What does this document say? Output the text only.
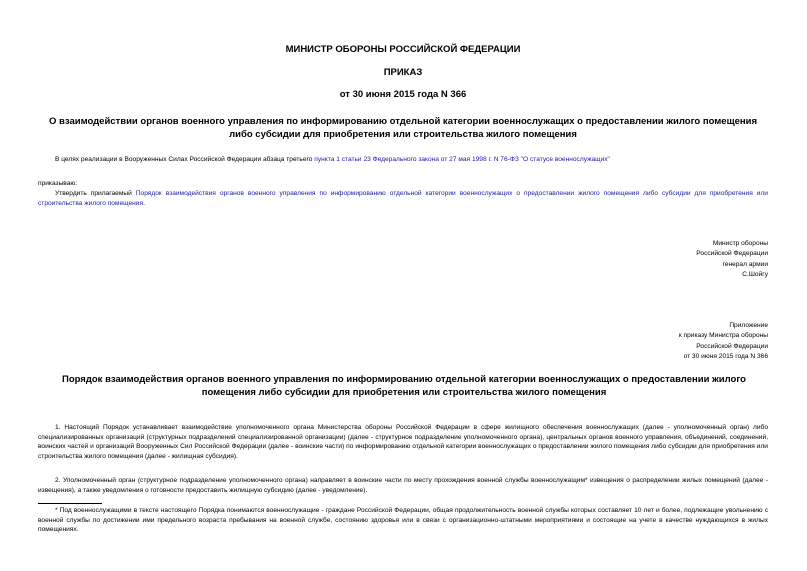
МИНИСТР ОБОРОНЫ РОССИЙСКОЙ ФЕДЕРАЦИИ

ПРИКАЗ

от 30 июня 2015 года N 366

О взаимодействии органов военного управления по информированию отдельной категории военнослужащих о предоставлении жилого помещения либо субсидии для приобретения или строительства жилого помещения

В целях реализации в Вооруженных Силах Российской Федерации абзаца третьего пункта 1 статьи 23 Федерального закона от 27 мая 1998 г. N 76-ФЗ "О статусе военнослужащих"

приказываю:

Утвердить прилагаемый Порядок взаимодействия органов военного управления по информированию отдельной категории военнослужащих о предоставлении жилого помещения либо субсидии для приобретения или строительства жилого помещения.

Министр обороны
Российской Федерации
генерал армии
С.Шойгу
Приложение
к приказу Министра обороны
Российской Федерации
от 30 июня 2015 года N 366

Порядок взаимодействия органов военного управления по информированию отдельной категории военнослужащих о предоставлении жилого помещения либо субсидии для приобретения или строительства жилого помещения

1. Настоящий Порядок устанавливает взаимодействие уполномоченного органа Министерства обороны Российской Федерации в сфере жилищного обеспечения военнослужащих (далее - уполномоченный орган) либо специализированных организаций (структурных подразделений специализированной организации) (далее - структурное подразделение уполномоченного органа), центральных органов военного управления, объединений, соединений, воинских частей и организаций Вооруженных Сил Российской Федерации (далее - воинские части) по информированию отдельной категории военнослужащих о предоставлении жилого помещения либо субсидии для приобретения или строительства жилого помещения (далее - жилищная субсидия).

2. Уполномоченный орган (структурное подразделение уполномоченного органа) направляет в воинские части по месту прохождения военной службы военнослужащим* извещения о распределении жилых помещений (далее - извещения), а также уведомления о готовности предоставить жилищную субсидию (далее - уведомление).

* Под военнослужащими в тексте настоящего Порядка понимаются военнослужащие - граждане Российской Федерации, общая продолжительность военной службы которых составляет 10 лет и более, подлежащие увольнению с военной службы по достижении ими предельного возраста пребывания на военной службе, состоянию здоровья или в связи с организационно-штатными мероприятиями и состоящие на учете в качестве нуждающихся в жилых помещениях.
